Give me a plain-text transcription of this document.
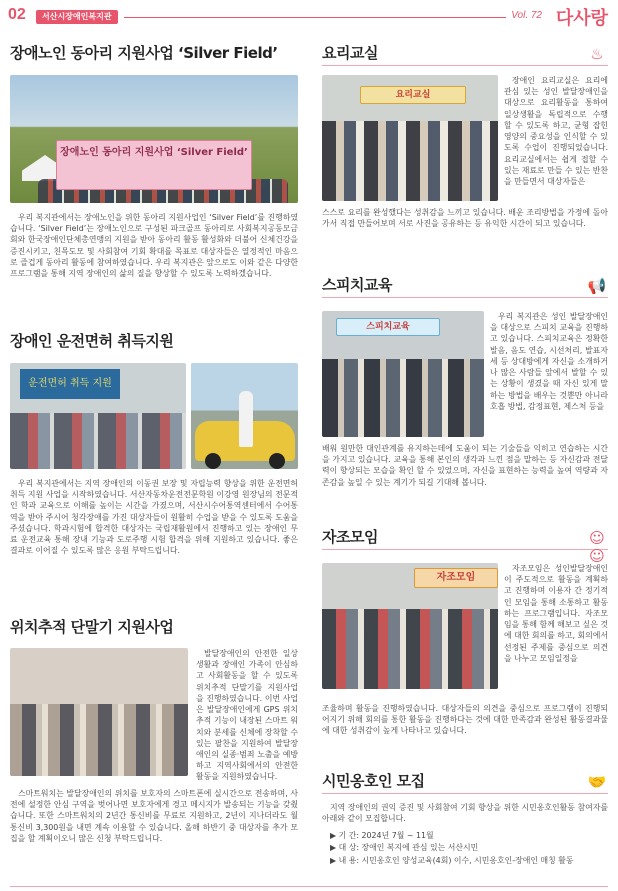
02	서산시장애인복지관	Vol. 72 다사랑
장애노인 동아리 지원사업 ‘Silver Field’
장애노인 동아리 지원사업 ‘Silver Field’

우리 복지관에서는 장애노인을 위한 동아리 지원사업인 ‘Silver Field’를 진행하였습니다. ‘Silver Field’는 장애노인으로 구성된 파크골프 동아리로 사회복지공동모금회와 한국장애인단체총연맹의 지원을 받아 동아리 활동 활성화와 더불어 신체건강을 증진시키고, 친목도모 및 사회참여 기회 확대를 목표로 대상자들은 열정적인 마음으로 즐겁게 동아리 활동에 참여하였습니다. 우리 복지관은 앞으로도 이와 같은 다양한 프로그램을 통해 지역 장애인의 삶의 질을 향상할 수 있도록 노력하겠습니다.

장애인 운전면허 취득지원
운전면허 취득 지원

우리 복지관에서는 지역 장애인의 이동권 보장 및 자립능력 향상을 위한 운전면허 취득 지원 사업을 시작하였습니다. 서산자동차운전전문학원 이강영 원장님의 전문적인 학과 교육으로 이해를 높이는 시간을 가졌으며, 서산시수어통역센터에서 수어통역을 받아 주시어 청각장애를 가진 대상자들이 원활히 수업을 받을 수 있도록 도움을 주셨습니다. 학과시험에 합격한 대상자는 국립재활원에서 진행하고 있는 장애인 무료 운전교육 통해 장내 기능과 도로주행 시험 합격을 위해 지원하고 있습니다. 좋은 결과로 이어질 수 있도록 많은 응원 부탁드립니다.

위치추적 단말기 지원사업

발달장애인의 안전한 일상생활과 장애인 가족이 안심하고 사회활동을 할 수 있도록 위치추적 단말기를 지원사업을 진행하였습니다. 이번 사업은 발달장애인에게 GPS 위치추적 기능이 내장된 스마트 워치와 분세를 신체에 장착할 수 있는 팔찬을 지원하여 발달장애인의 실종·범죄 노출을 예방하고 지역사회에서의 안전한 활동을 지원하였습니다.

스마트워치는 발달장애인의 위치를 보호자의 스마트폰에 실시간으로 전송하며, 사전에 설정한 안심 구역을 벗어나면 보호자에게 경고 메시지가 발송되는 기능을 갖췄습니다. 또한 스마트워치의 2년간 통신비를 무료로 지원하고, 2년이 지나더라도 월 통신비 3,300원을 내면 계속 이용할 수 있습니다. 올해 하반기 중 대상자를 추가 모집을 할 계획이오니 많은 신청 부탁드립니다.

요리교실	♨
요리교실

장애인 요리교실은 요리에 관심 있는 성인 발달장애인을 대상으로 요리활동을 통하여 일상생활을 독립적으로 수행할 수 있도록 하고, 균형 잡힌 영양의 중요성을 인식할 수 있도록 수업이 진행되었습니다. 요리교실에서는 쉽게 접할 수 있는 재료로 만들 수 있는 반찬을 만들면서 대상자들은

스스로 요리를 완성했다는 성취감을 느끼고 있습니다. 배운 조리방법을 가정에 돌아가서 직접 만들어보며 서로 사진을 공유하는 등 유익한 시간이 되고 있습니다.

스피치교육	📢
스피치교육

우리 복지관은 성인 발달장애인을 대상으로 스피치 교육을 진행하고 있습니다. 스피치교육은 정확한 발음, 음도 연습, 시선처리, 발표자세 등 상대방에게 자신을 소개하거나 많은 사람들 앞에서 발할 수 있는 상황이 생겼을 때 자신 있게 말하는 방법을 배우는 것뿐만 아니라 호흡 방법, 감정표현, 제스처 등을

배워 원만한 대인관계를 유지하는데에 도움이 되는 기술들을 익히고 연습하는 시간을 가지고 있습니다. 교육을 통해 본인의 생각과 느낀 점을 말하는 등 자신감과 전달력이 향상되는 모습을 확인 할 수 있었으며, 자신을 표현하는 능력을 높여 역량과 자존감을 높일 수 있는 계기가 되길 기대해 봅니다.

자조모임	☺☺
자조모임

자조모임은 성인발달장애인이 주도적으로 활동을 계획하고 진행하며 이용자 간 정기적인 모임을 통해 소통하고 활동하는 프로그램입니다. 자조모임을 통해 함께 해보고 싶은 것에 대한 회의를 하고, 회의에서 선정된 주제를 중심으로 의견을 나누고 모임일정을

조율하며 활동을 진행하였습니다. 대상자들의 의견을 중심으로 프로그램이 진행되어지기 위해 회의를 통한 활동을 진행하다는 것에 대한 만족감과 완성된 활동결과물에 대한 성취감이 높게 나타나고 있습니다.

시민옹호인 모집	🤝

지역 장애인의 권익 증진 및 사회참여 기회 향상을 위한 시민옹호인활동 참여자를 아래와 같이 모집합니다.

▶ 기 간: 2024년 7월 ~ 11월
▶ 대 상: 장애인 복지에 관심 있는 서산시민
▶ 내 용: 시민옹호인 양성교육(4회) 이수, 시민옹호인-장애인 매칭 활동
